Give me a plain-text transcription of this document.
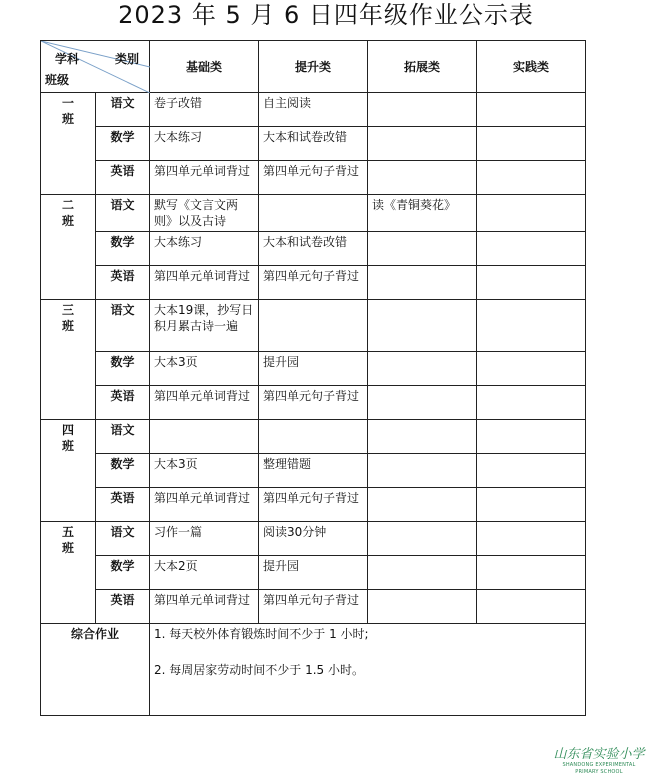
2023 年 5 月 6 日四年级作业公示表
学科 类别
班级		基础类	提升类	拓展类	实践类

一
班	语文	卷子改错	自主阅读		
	数学	大本练习	大本和试卷改错		
	英语	第四单元单词背过	第四单元句子背过		

二
班	语文	默写《文言文两则》以及古诗		读《青铜葵花》	
	数学	大本练习	大本和试卷改错		
	英语	第四单元单词背过	第四单元句子背过		

三
班	语文	大本19课，抄写日积月累古诗一遍			
	数学	大本3页	提升园		
	英语	第四单元单词背过	第四单元句子背过		

四
班	语文				
	数学	大本3页	整理错题		
	英语	第四单元单词背过	第四单元句子背过		

五
班	语文	习作一篇	阅读30分钟		
	数学	大本2页	提升园		
	英语	第四单元单词背过	第四单元句子背过		
综合作业		1. 每天校外体育锻炼时间不少于 1 小时;

2. 每周居家劳动时间不少于 1.5 小时。			

山东省实验小学
SHANDONG EXPERIMENTAL PRIMARY SCHOOL
